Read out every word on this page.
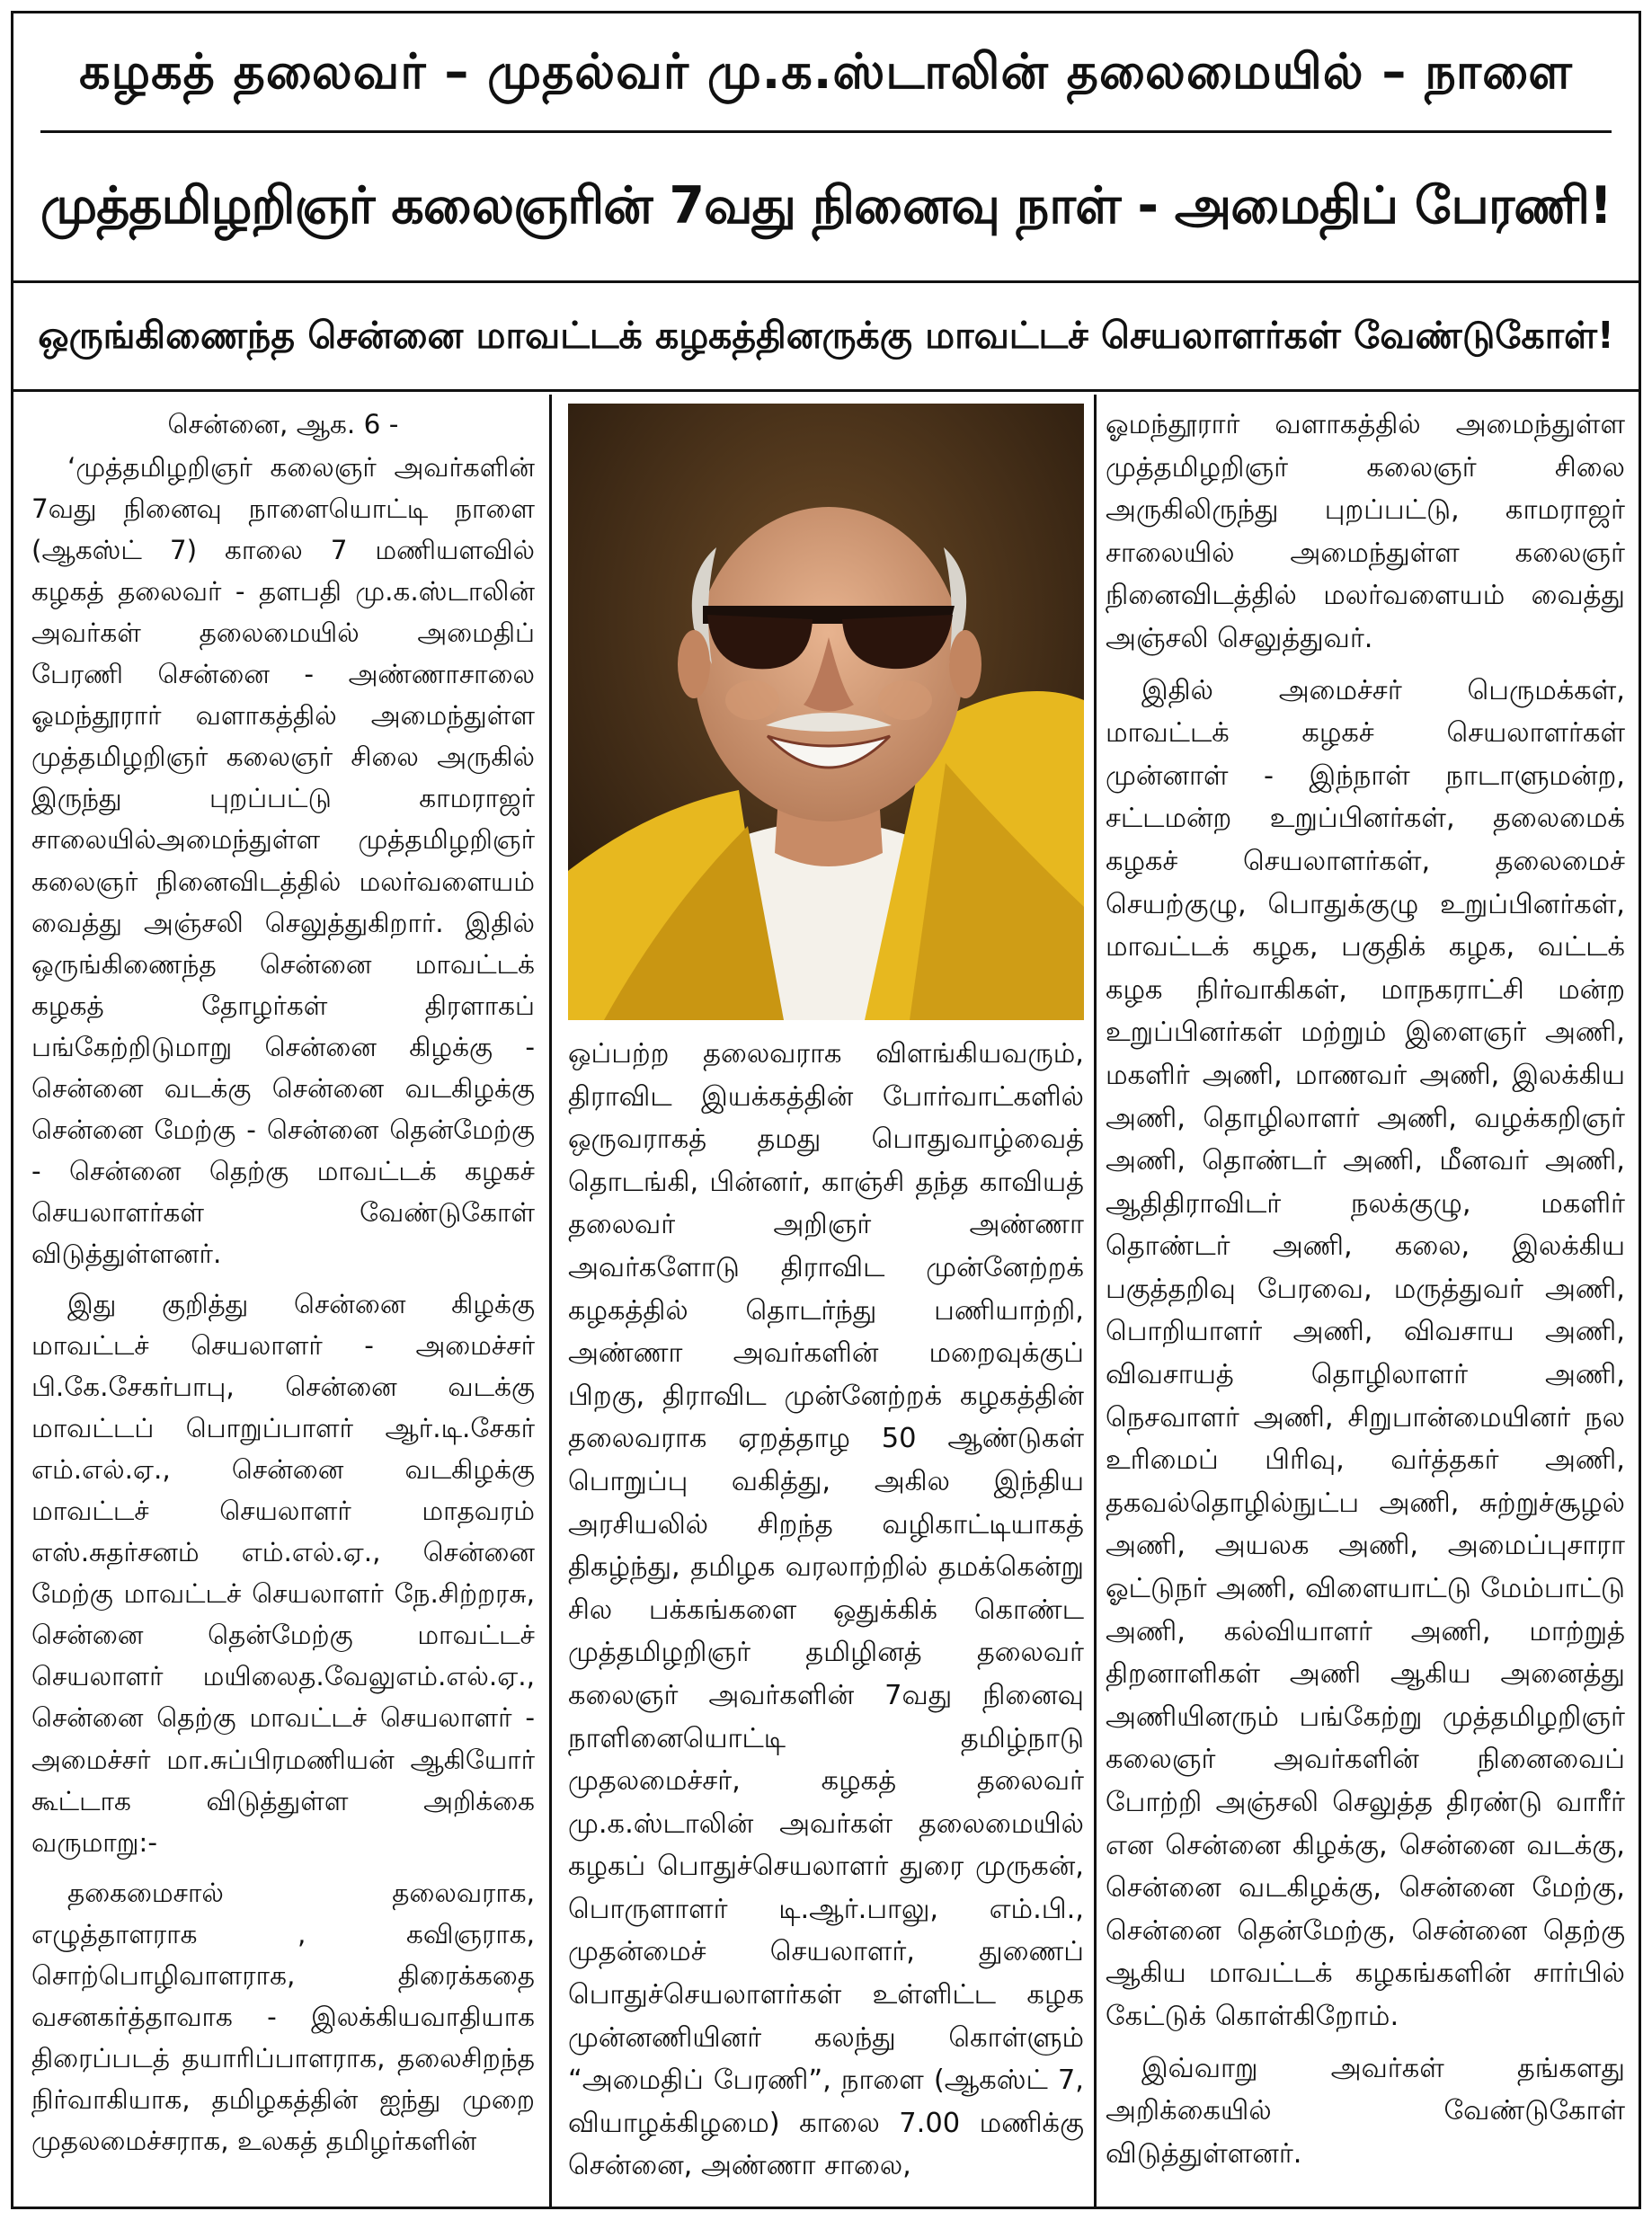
கழகத் தலைவர் – முதல்வர் மு.க.ஸ்டாலின் தலைமையில் – நாளை
முத்தமிழறிஞர் கலைஞரின் 7வது நினைவு நாள் - அமைதிப் பேரணி!
ஒருங்கிணைந்த சென்னை மாவட்டக் கழகத்தினருக்கு மாவட்டச் செயலாளர்கள் வேண்டுகோள்!

சென்னை, ஆக. 6 -

‘முத்தமிழறிஞர் கலைஞர் அவர்களின் 7வது நினைவு நாளையொட்டி நாளை (ஆகஸ்ட் 7) காலை 7 மணியளவில் கழகத் தலைவர் - தளபதி மு.க.ஸ்டாலின் அவர்கள் தலைமையில் அமைதிப் பேரணி சென்னை - அண்ணாசாலை ஓமந்தூரார் வளாகத்தில் அமைந்துள்ள முத்தமிழறிஞர் கலைஞர் சிலை அருகில் இருந்து புறப்பட்டு காமராஜர் சாலையில்அமைந்துள்ள முத்தமிழறிஞர் கலைஞர் நினைவிடத்தில் மலர்வளையம் வைத்து அஞ்சலி செலுத்துகிறார். இதில் ஒருங்கிணைந்த சென்னை மாவட்டக் கழகத் தோழர்கள் திரளாகப் பங்கேற்றிடுமாறு சென்னை கிழக்கு - சென்னை வடக்கு சென்னை வடகிழக்கு சென்னை மேற்கு - சென்னை தென்மேற்கு - சென்னை தெற்கு மாவட்டக் கழகச் செயலாளர்கள் வேண்டுகோள் விடுத்துள்ளனர்.

இது குறித்து சென்னை கிழக்கு மாவட்டச் செயலாளர் - அமைச்சர் பி.கே.சேகர்பாபு, சென்னை வடக்கு மாவட்டப் பொறுப்பாளர் ஆர்.டி.சேகர் எம்.எல்.ஏ., சென்னை வடகிழக்கு மாவட்டச் செயலாளர் மாதவரம் எஸ்.சுதர்சனம் எம்.எல்.ஏ., சென்னை மேற்கு மாவட்டச் செயலாளர் நே.சிற்றரசு, சென்னை தென்மேற்கு மாவட்டச் செயலாளர் மயிலைத.வேலுஎம்.எல்.ஏ., சென்னை தெற்கு மாவட்டச் செயலாளர் - அமைச்சர் மா.சுப்பிரமணியன் ஆகியோர் கூட்டாக விடுத்துள்ள அறிக்கை வருமாறு:-

தகைமைசால் தலைவராக, எழுத்தாளராக , கவிஞராக, சொற்பொழிவாளராக, திரைக்கதை வசனகர்த்தாவாக - இலக்கியவாதியாக திரைப்படத் தயாரிப்பாளராக, தலைசிறந்த நிர்வாகியாக, தமிழகத்தின் ஐந்து முறை முதலமைச்சராக, உலகத் தமிழர்களின்

ஒப்பற்ற தலைவராக விளங்கியவரும், திராவிட இயக்கத்தின் போர்வாட்களில் ஒருவராகத் தமது பொதுவாழ்வைத் தொடங்கி, பின்னர், காஞ்சி தந்த காவியத் தலைவர் அறிஞர் அண்ணா அவர்களோடு திராவிட முன்னேற்றக் கழகத்தில் தொடர்ந்து பணியாற்றி, அண்ணா அவர்களின் மறைவுக்குப் பிறகு, திராவிட முன்னேற்றக் கழகத்தின் தலைவராக ஏறத்தாழ 50 ஆண்டுகள் பொறுப்பு வகித்து, அகில இந்திய அரசியலில் சிறந்த வழிகாட்டியாகத் திகழ்ந்து, தமிழக வரலாற்றில் தமக்கென்று சில பக்கங்களை ஒதுக்கிக் கொண்ட முத்தமிழறிஞர் தமிழினத் தலைவர் கலைஞர் அவர்களின் 7வது நினைவு நாளினையொட்டி தமிழ்நாடு முதலமைச்சர், கழகத் தலைவர் மு.க.ஸ்டாலின் அவர்கள் தலைமையில் கழகப் பொதுச்செயலாளர் துரை முருகன், பொருளாளர் டி.ஆர்.பாலு, எம்.பி., முதன்மைச் செயலாளர், துணைப் பொதுச்செயலாளர்கள் உள்ளிட்ட கழக முன்னணியினர் கலந்து கொள்ளும் “அமைதிப் பேரணி”, நாளை (ஆகஸ்ட் 7, வியாழக்கிழமை) காலை 7.00 மணிக்கு சென்னை, அண்ணா சாலை,

ஓமந்தூரார் வளாகத்தில் அமைந்துள்ள முத்தமிழறிஞர் கலைஞர் சிலை அருகிலிருந்து புறப்பட்டு, காமராஜர் சாலையில் அமைந்துள்ள கலைஞர் நினைவிடத்தில் மலர்வளையம் வைத்து அஞ்சலி செலுத்துவர்.

இதில் அமைச்சர் பெருமக்கள், மாவட்டக் கழகச் செயலாளர்கள் முன்னாள் - இந்நாள் நாடாளுமன்ற, சட்டமன்ற உறுப்பினர்கள், தலைமைக் கழகச் செயலாளர்கள், தலைமைச் செயற்குழு, பொதுக்குழு உறுப்பினர்கள், மாவட்டக் கழக, பகுதிக் கழக, வட்டக் கழக நிர்வாகிகள், மாநகராட்சி மன்ற உறுப்பினர்கள் மற்றும் இளைஞர் அணி, மகளிர் அணி, மாணவர் அணி, இலக்கிய அணி, தொழிலாளர் அணி, வழக்கறிஞர் அணி, தொண்டர் அணி, மீனவர் அணி, ஆதிதிராவிடர் நலக்குழு, மகளிர் தொண்டர் அணி, கலை, இலக்கிய பகுத்தறிவு பேரவை, மருத்துவர் அணி, பொறியாளர் அணி, விவசாய அணி, விவசாயத் தொழிலாளர் அணி, நெசவாளர் அணி, சிறுபான்மையினர் நல உரிமைப் பிரிவு, வர்த்தகர் அணி, தகவல்தொழில்நுட்ப அணி, சுற்றுச்சூழல் அணி, அயலக அணி, அமைப்புசாரா ஓட்டுநர் அணி, விளையாட்டு மேம்பாட்டு அணி, கல்வியாளர் அணி, மாற்றுத் திறனாளிகள் அணி ஆகிய அனைத்து அணியினரும் பங்கேற்று முத்தமிழறிஞர் கலைஞர் அவர்களின் நினைவைப் போற்றி அஞ்சலி செலுத்த திரண்டு வாரீர் என சென்னை கிழக்கு, சென்னை வடக்கு, சென்னை வடகிழக்கு, சென்னை மேற்கு, சென்னை தென்மேற்கு, சென்னை தெற்கு ஆகிய மாவட்டக் கழகங்களின் சார்பில் கேட்டுக் கொள்கிறோம்.

இவ்வாறு அவர்கள் தங்களது அறிக்கையில் வேண்டுகோள் விடுத்துள்ளனர்.
